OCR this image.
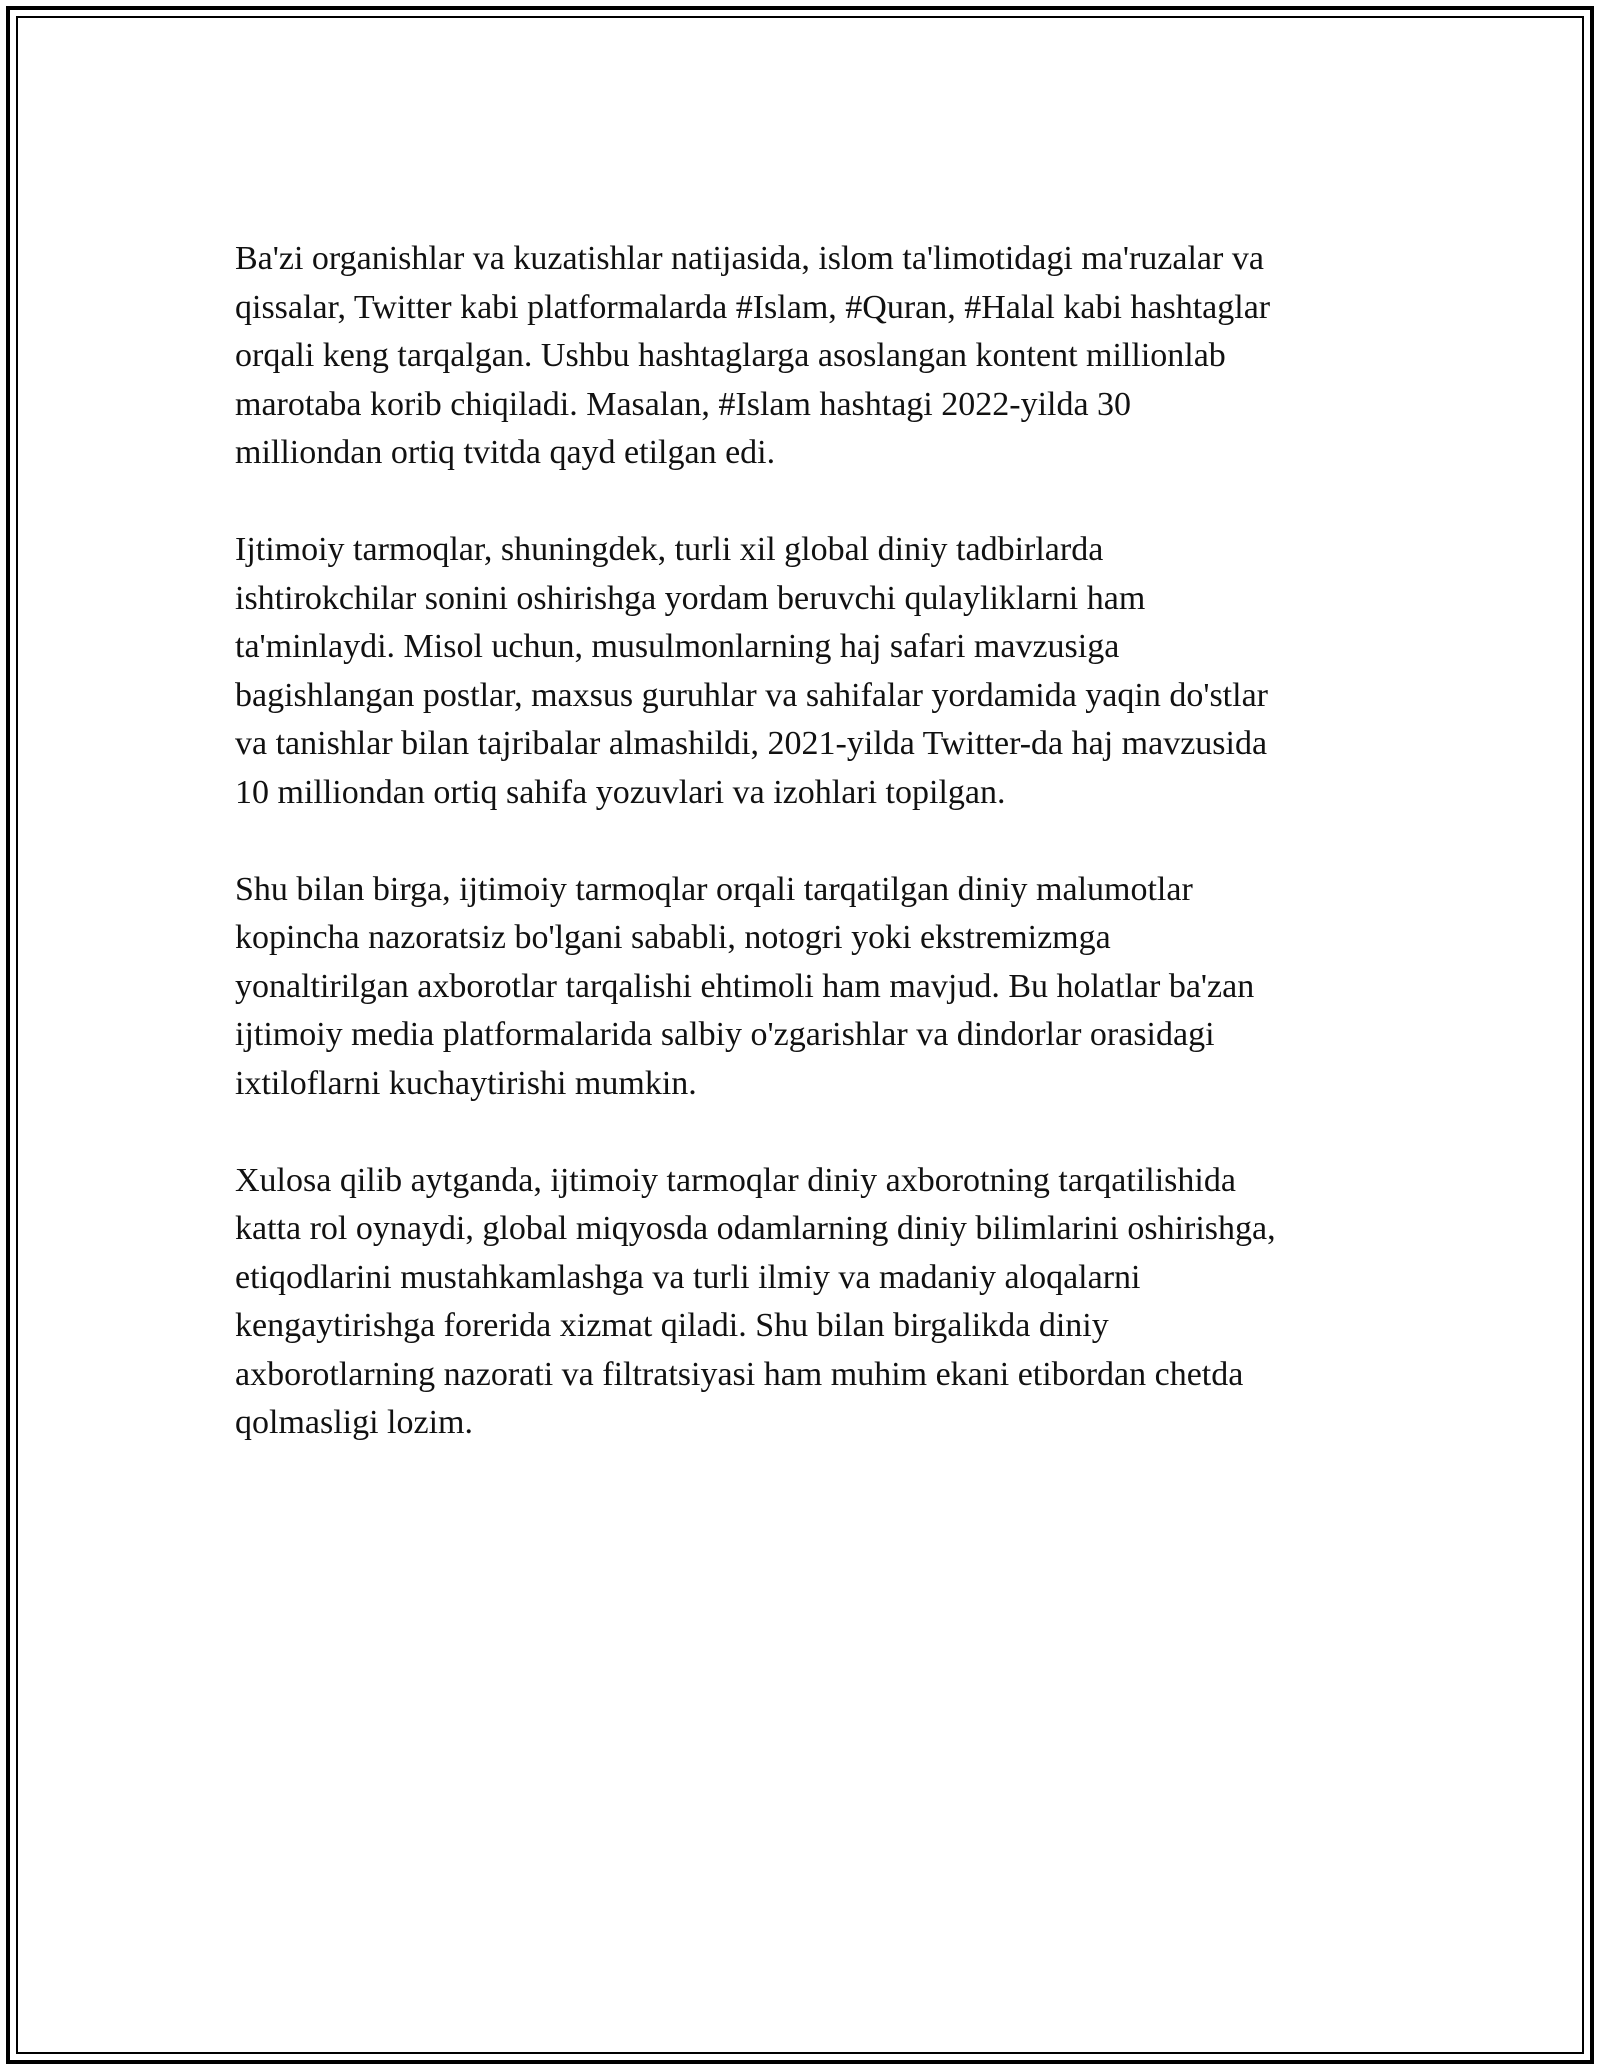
Ba'zi organishlar va kuzatishlar natijasida, islom ta'limotidagi ma'ruzalar va
qissalar, Twitter kabi platformalarda #Islam, #Quran, #Halal kabi hashtaglar
orqali keng tarqalgan. Ushbu hashtaglarga asoslangan kontent millionlab
marotaba korib chiqiladi. Masalan, #Islam hashtagi 2022-yilda 30
milliondan ortiq tvitda qayd etilgan edi.

Ijtimoiy tarmoqlar, shuningdek, turli xil global diniy tadbirlarda
ishtirokchilar sonini oshirishga yordam beruvchi qulayliklarni ham
ta'minlaydi. Misol uchun, musulmonlarning haj safari mavzusiga
bagishlangan postlar, maxsus guruhlar va sahifalar yordamida yaqin do'stlar
va tanishlar bilan tajribalar almashildi, 2021-yilda Twitter-da haj mavzusida
10 milliondan ortiq sahifa yozuvlari va izohlari topilgan.

Shu bilan birga, ijtimoiy tarmoqlar orqali tarqatilgan diniy malumotlar
kopincha nazoratsiz bo'lgani sababli, notogri yoki ekstremizmga
yonaltirilgan axborotlar tarqalishi ehtimoli ham mavjud. Bu holatlar ba'zan
ijtimoiy media platformalarida salbiy o'zgarishlar va dindorlar orasidagi
ixtiloflarni kuchaytirishi mumkin.

Xulosa qilib aytganda, ijtimoiy tarmoqlar diniy axborotning tarqatilishida
katta rol oynaydi, global miqyosda odamlarning diniy bilimlarini oshirishga,
etiqodlarini mustahkamlashga va turli ilmiy va madaniy aloqalarni
kengaytirishga forerida xizmat qiladi. Shu bilan birgalikda diniy
axborotlarning nazorati va filtratsiyasi ham muhim ekani etibordan chetda
qolmasligi lozim.
